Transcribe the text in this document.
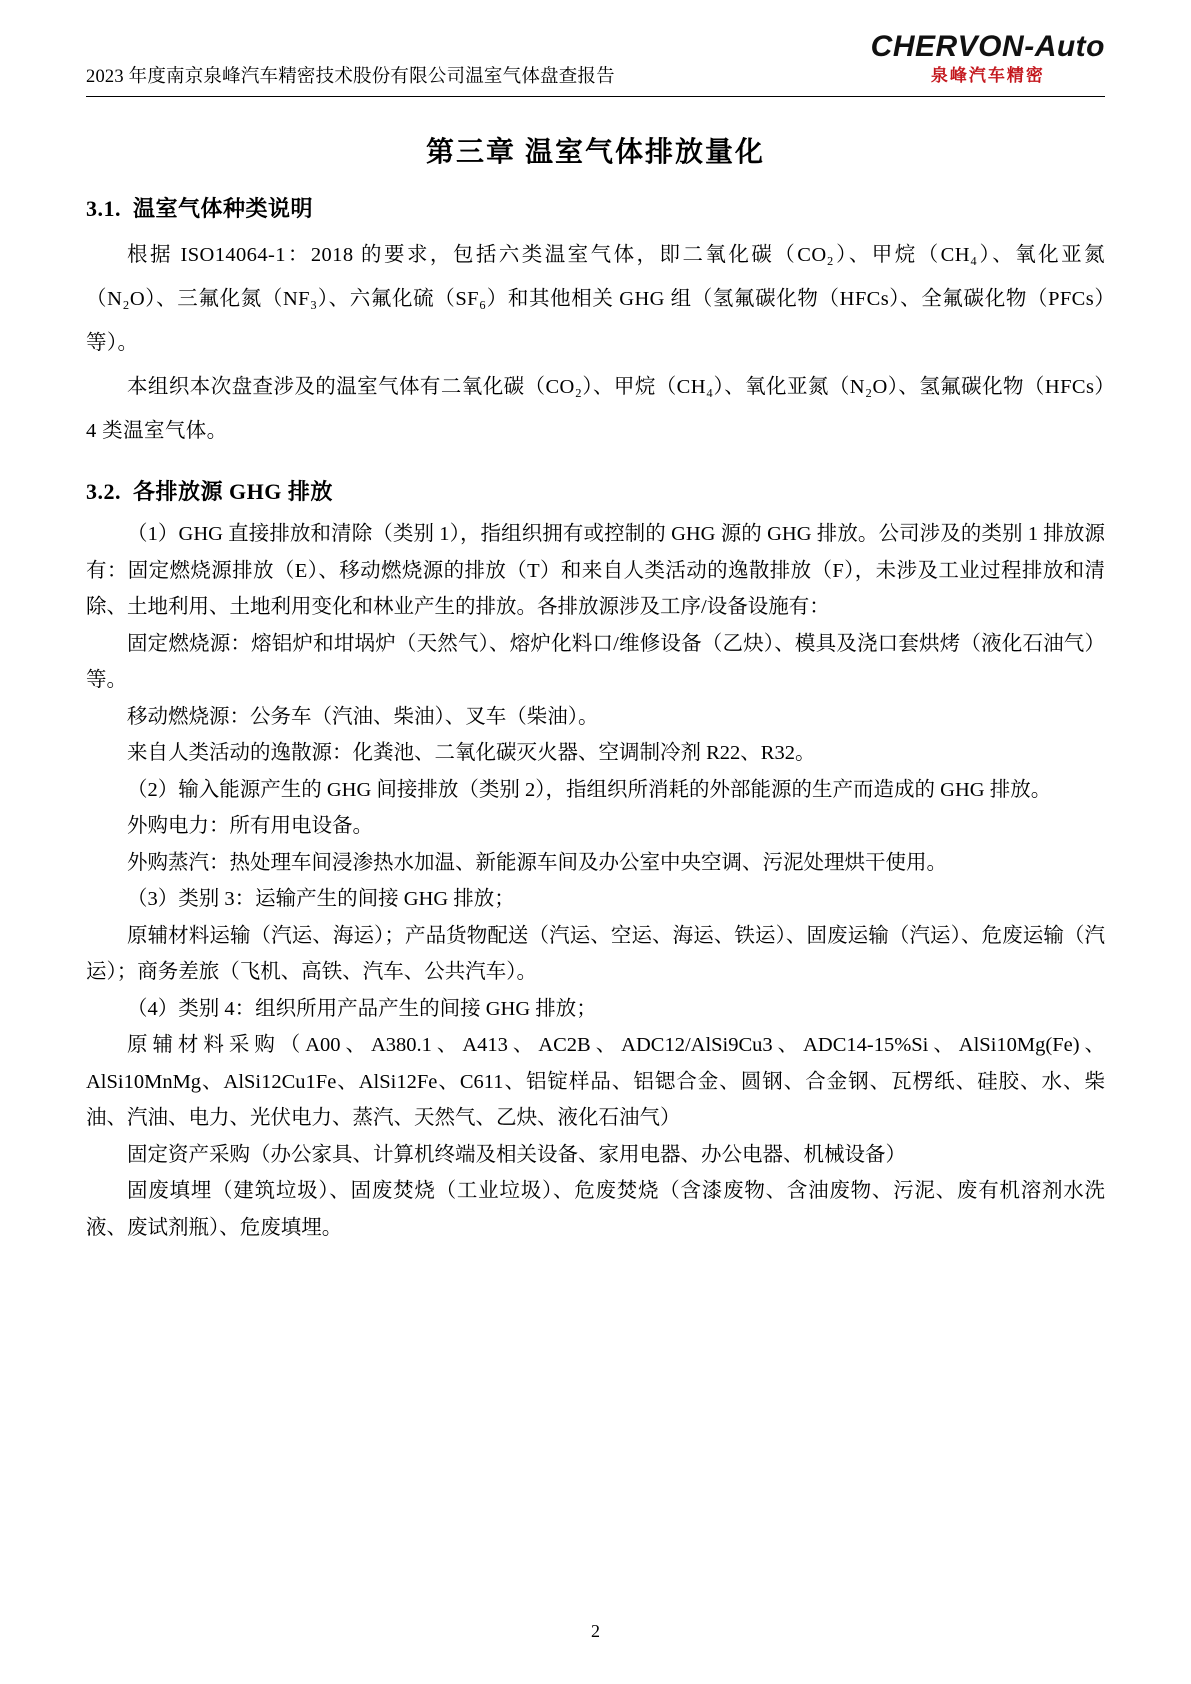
2023 年度南京泉峰汽车精密技术股份有限公司温室气体盘查报告
CHERVON-Auto
泉峰汽车精密
第三章 温室气体排放量化
3.1. 温室气体种类说明

根据 ISO14064-1：2018 的要求，包括六类温室气体，即二氧化碳（CO₂）、甲烷（CH₄）、氧化亚氮（N₂O）、三氟化氮（NF₃）、六氟化硫（SF₆）和其他相关 GHG 组（氢氟碳化物（HFCs）、全氟碳化物（PFCs）等）。

本组织本次盘查涉及的温室气体有二氧化碳（CO₂）、甲烷（CH₄）、氧化亚氮（N₂O）、氢氟碳化物（HFCs）4 类温室气体。

3.2. 各排放源 GHG 排放

（1）GHG 直接排放和清除（类别 1），指组织拥有或控制的 GHG 源的 GHG 排放。公司涉及的类别 1 排放源有：固定燃烧源排放（E）、移动燃烧源的排放（T）和来自人类活动的逸散排放（F），未涉及工业过程排放和清除、土地利用、土地利用变化和林业产生的排放。各排放源涉及工序/设备设施有：

固定燃烧源：熔铝炉和坩埚炉（天然气）、熔炉化料口/维修设备（乙炔）、模具及浇口套烘烤（液化石油气）等。

移动燃烧源：公务车（汽油、柴油）、叉车（柴油）。

来自人类活动的逸散源：化粪池、二氧化碳灭火器、空调制冷剂 R22、R32。

（2）输入能源产生的 GHG 间接排放（类别 2），指组织所消耗的外部能源的生产而造成的 GHG 排放。

外购电力：所有用电设备。

外购蒸汽：热处理车间浸渗热水加温、新能源车间及办公室中央空调、污泥处理烘干使用。

（3）类别 3：运输产生的间接 GHG 排放；

原辅材料运输（汽运、海运）；产品货物配送（汽运、空运、海运、铁运）、固废运输（汽运）、危废运输（汽运）；商务差旅（飞机、高铁、汽车、公共汽车）。

（4）类别 4：组织所用产品产生的间接 GHG 排放；

原辅材料采购（A00、A380.1、A413、AC2B、ADC12/AlSi9Cu3、ADC14-15%Si、AlSi10Mg(Fe)、AlSi10MnMg、AlSi12Cu1Fe、AlSi12Fe、C611、铝锭样品、铝锶合金、圆钢、合金钢、瓦楞纸、硅胶、水、柴油、汽油、电力、光伏电力、蒸汽、天然气、乙炔、液化石油气）

固定资产采购（办公家具、计算机终端及相关设备、家用电器、办公电器、机械设备）

固废填埋（建筑垃圾）、固废焚烧（工业垃圾）、危废焚烧（含漆废物、含油废物、污泥、废有机溶剂水洗液、废试剂瓶）、危废填埋。

2
